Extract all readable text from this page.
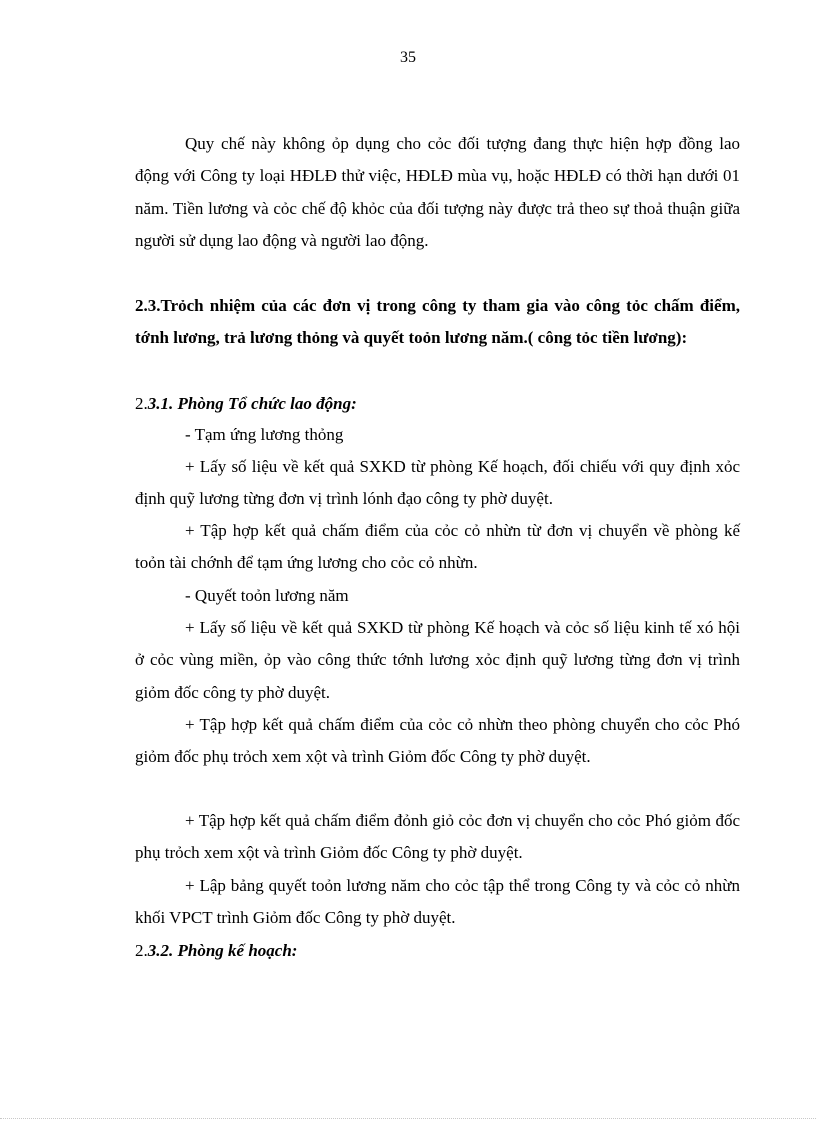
35

Quy chế này không ỏp dụng cho cỏc đối tượng đang thực hiện hợp đồng lao động với Công ty loại HĐLĐ thử việc, HĐLĐ mùa vụ, hoặc HĐLĐ có thời hạn dưới 01 năm. Tiền lương và cỏc chế độ khỏc của đối tượng này được trả theo sự thoả thuận giữa người sử dụng lao động và người lao động.

2.3.Trỏch nhiệm của các đơn vị trong công ty tham gia vào công tỏc chấm điểm, tớnh lương, trả lương thỏng và quyết toỏn lương năm.( công tỏc tiền lương):

2.3.1. Phòng Tổ chức lao động:

- Tạm ứng lương thỏng

+ Lấy số liệu về kết quả SXKD từ phòng Kế hoạch, đối chiếu với quy định xỏc định quỹ lương từng đơn vị trình lónh đạo công ty phờ duyệt.

+ Tập hợp kết quả chấm điểm của cỏc cỏ nhừn từ đơn vị chuyển về phòng kế toỏn tài chớnh để tạm ứng lương cho cỏc cỏ nhừn.

- Quyết toỏn lương năm

+ Lấy số liệu về kết quả SXKD từ phòng Kế hoạch và cỏc số liệu kinh tế xó hội ở cỏc vùng miền, ỏp vào công thức tớnh lương xỏc định quỹ lương từng đơn vị trình giỏm đốc công ty phờ duyệt.

+ Tập hợp kết quả chấm điểm của cỏc cỏ nhừn theo phòng chuyển cho cỏc Phó giỏm đốc phụ trỏch xem xột và trình Giỏm đốc Công ty phờ duyệt.

+ Tập hợp kết quả chấm điểm đỏnh giỏ cỏc đơn vị chuyển cho cỏc Phó giỏm đốc phụ trỏch xem xột và trình Giỏm đốc Công ty phờ duyệt.

+ Lập bảng quyết toỏn lương năm cho cỏc tập thể trong Công ty và cỏc cỏ nhừn khối VPCT trình Giỏm đốc Công ty phờ duyệt.

2.3.2. Phòng kế hoạch:
